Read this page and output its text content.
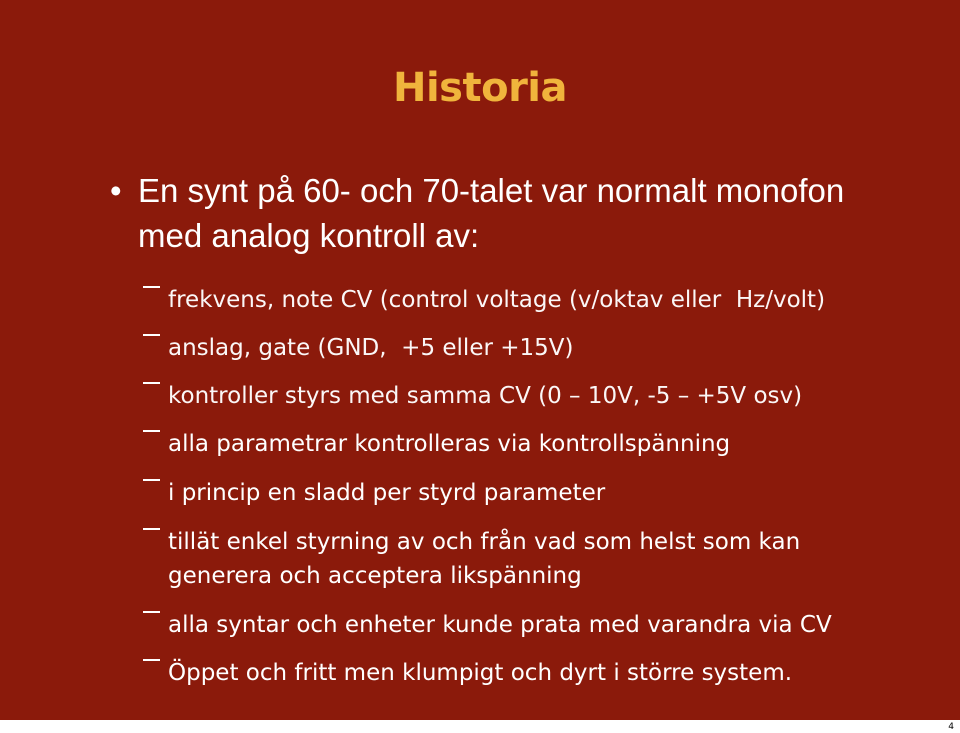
Historia
• En synt på 60- och 70-talet var normalt monofon med analog kontroll av:
frekvens, note CV (control voltage (v/oktav eller  Hz/volt)
anslag, gate (GND,  +5 eller +15V)
kontroller styrs med samma CV (0 – 10V, -5 – +5V osv)
alla parametrar kontrolleras via kontrollspänning
i princip en sladd per styrd parameter
tillät enkel styrning av och från vad som helst som kan generera och acceptera likspänning
alla syntar och enheter kunde prata med varandra via CV
Öppet och fritt men klumpigt och dyrt i större system.
4
